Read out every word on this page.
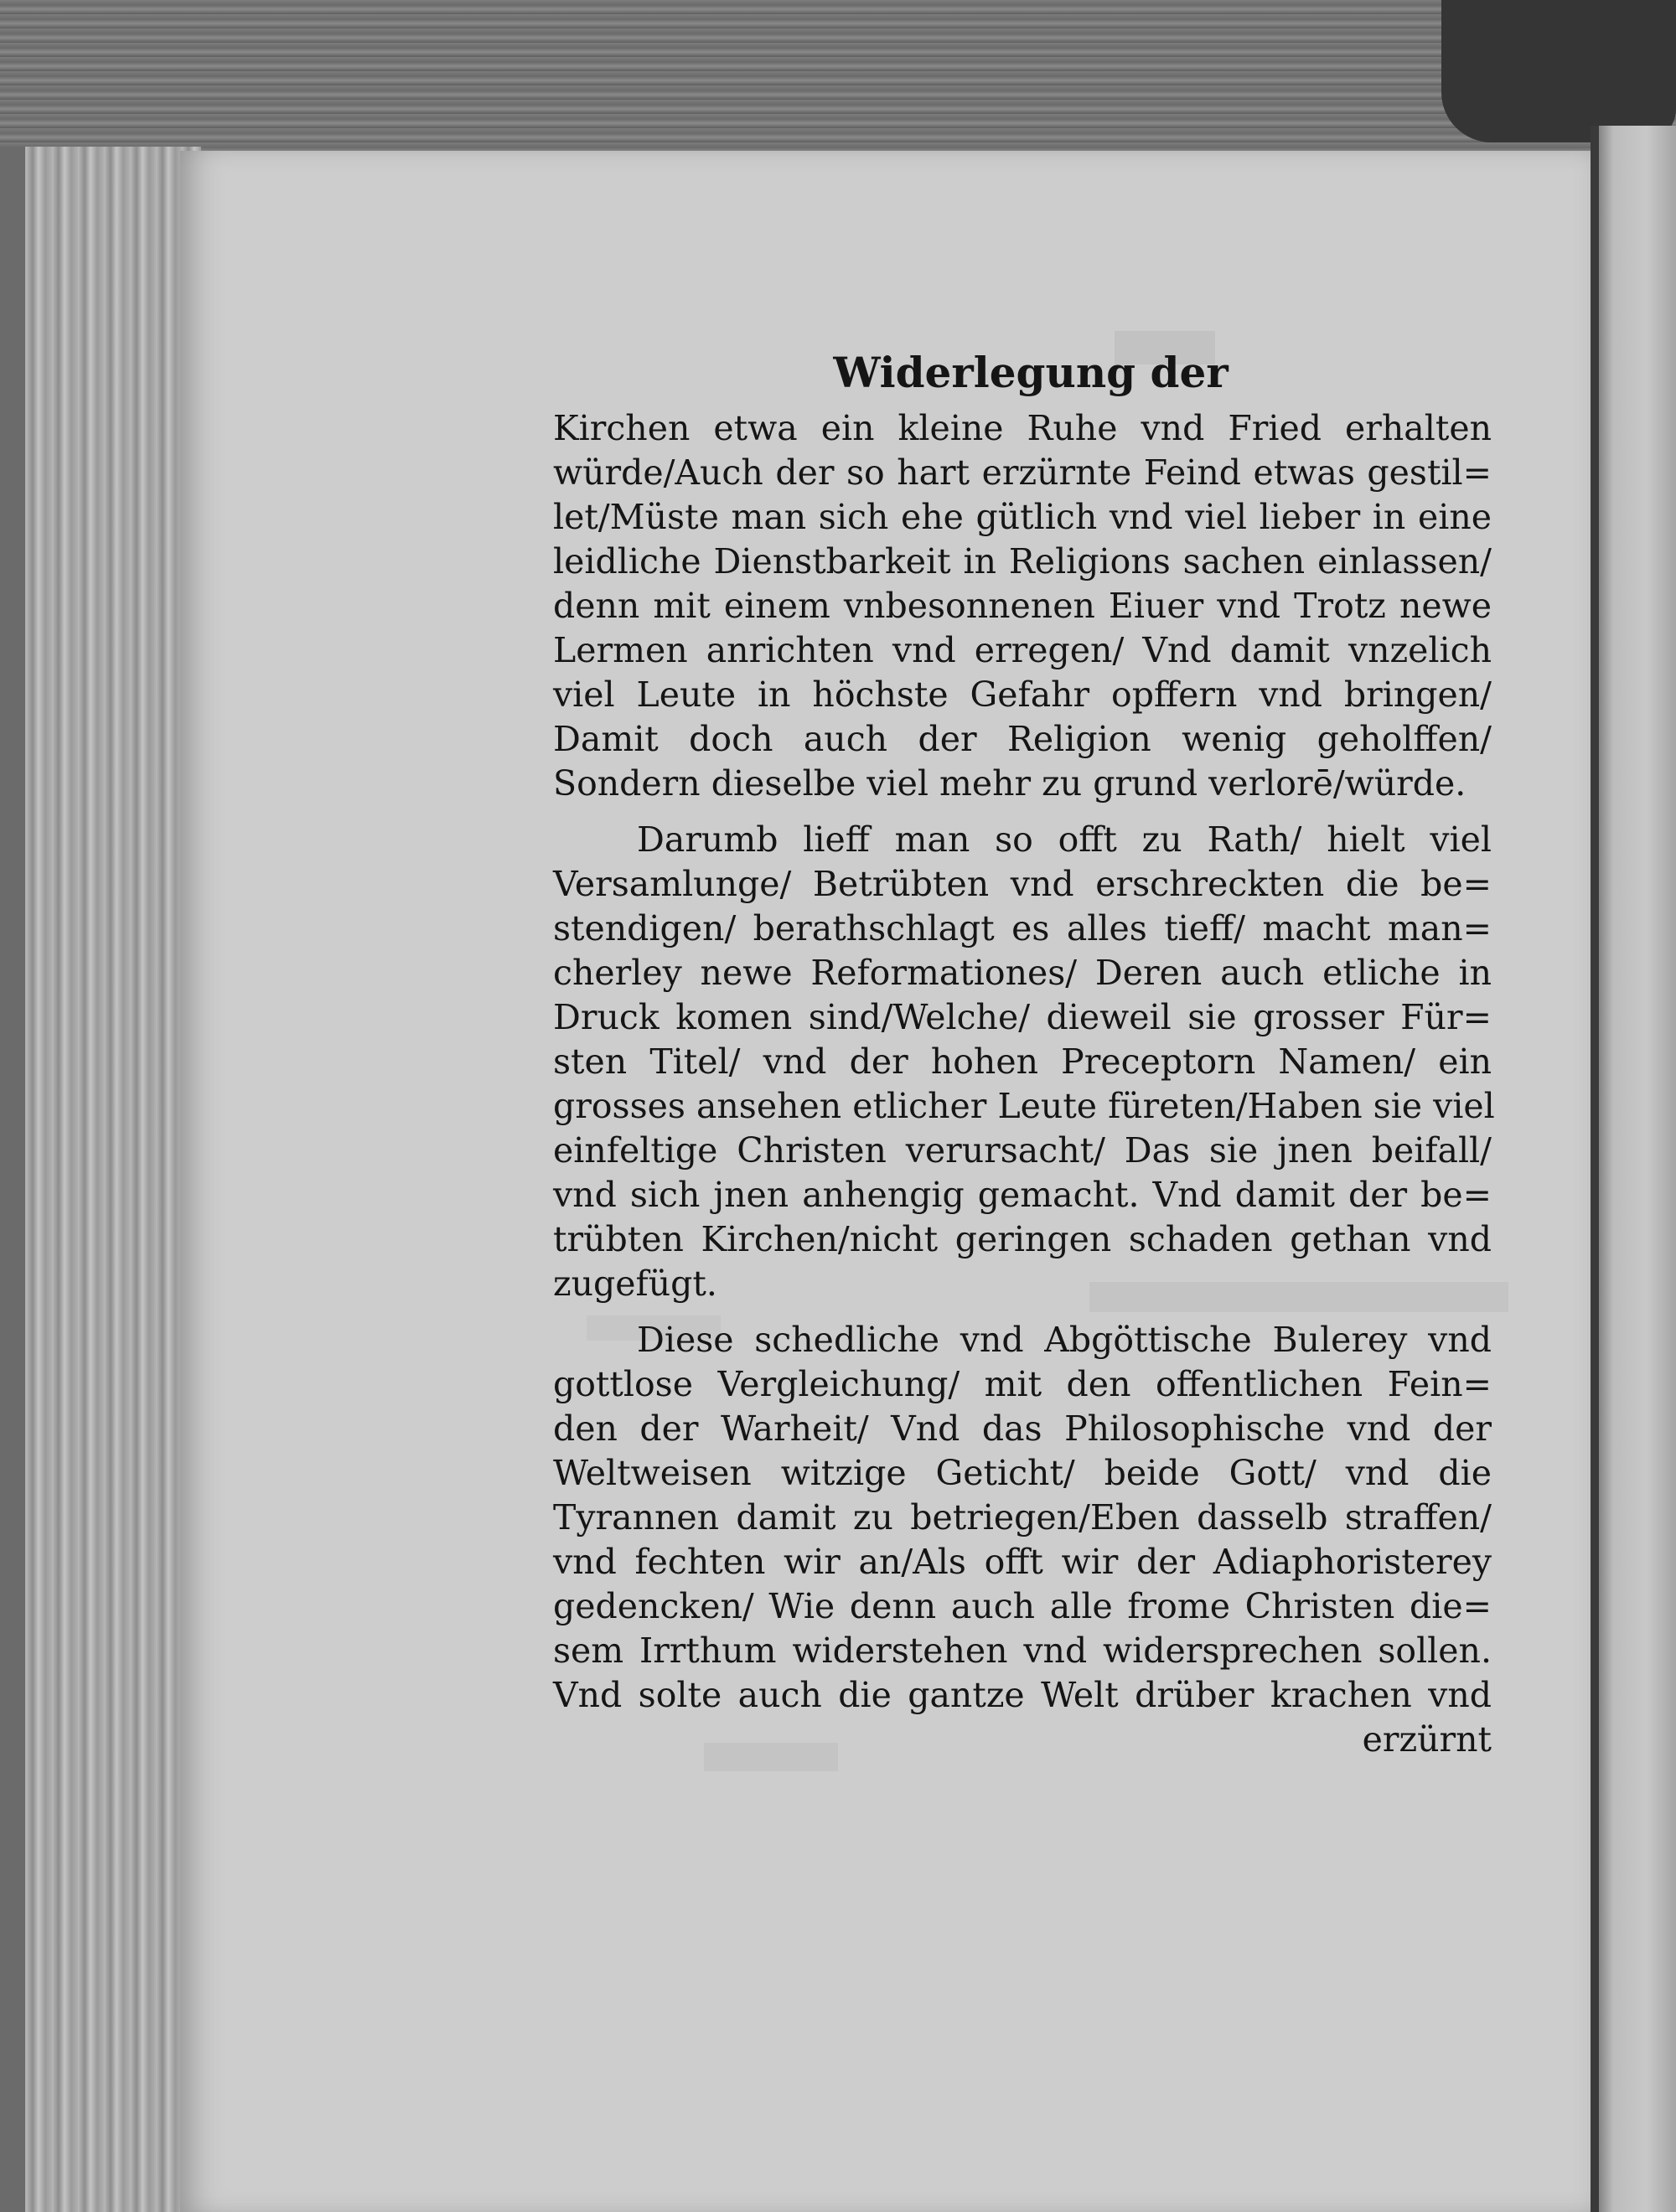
Widerlegung der
Kirchen etwa ein kleine Ruhe vnd Fried erhalten
würde/Auch der so hart erzürnte Feind etwas gestil=
let/Müste man sich ehe gütlich vnd viel lieber in eine
leidliche Dienstbarkeit in Religions sachen einlassen/
denn mit einem vnbesonnenen Eiuer vnd Trotz newe
Lermen anrichten vnd erregen/ Vnd damit vnzelich
viel Leute in höchste Gefahr opffern vnd bringen/
Damit doch auch der Religion wenig geholffen/
Sondern dieselbe viel mehr zu grund verlorē/würde.
Darumb lieff man so offt zu Rath/ hielt viel
Versamlunge/ Betrübten vnd erschreckten die be=
stendigen/ berathschlagt es alles tieff/ macht man=
cherley newe Reformationes/ Deren auch etliche in
Druck komen sind/Welche/ dieweil sie grosser Für=
sten Titel/ vnd der hohen Preceptorn Namen/ ein
grosses ansehen etlicher Leute füreten/Haben sie viel
einfeltige Christen verursacht/ Das sie jnen beifall/
vnd sich jnen anhengig gemacht. Vnd damit der be=
trübten Kirchen/nicht geringen schaden gethan vnd
zugefügt.
Diese schedliche vnd Abgöttische Bulerey vnd
gottlose Vergleichung/ mit den offentlichen Fein=
den der Warheit/ Vnd das Philosophische vnd der
Weltweisen witzige Geticht/ beide Gott/ vnd die
Tyrannen damit zu betriegen/Eben dasselb straffen/
vnd fechten wir an/Als offt wir der Adiaphoristerey
gedencken/ Wie denn auch alle frome Christen die=
sem Irrthum widerstehen vnd widersprechen sollen.
Vnd solte auch die gantze Welt drüber krachen vnd
erzürnt
